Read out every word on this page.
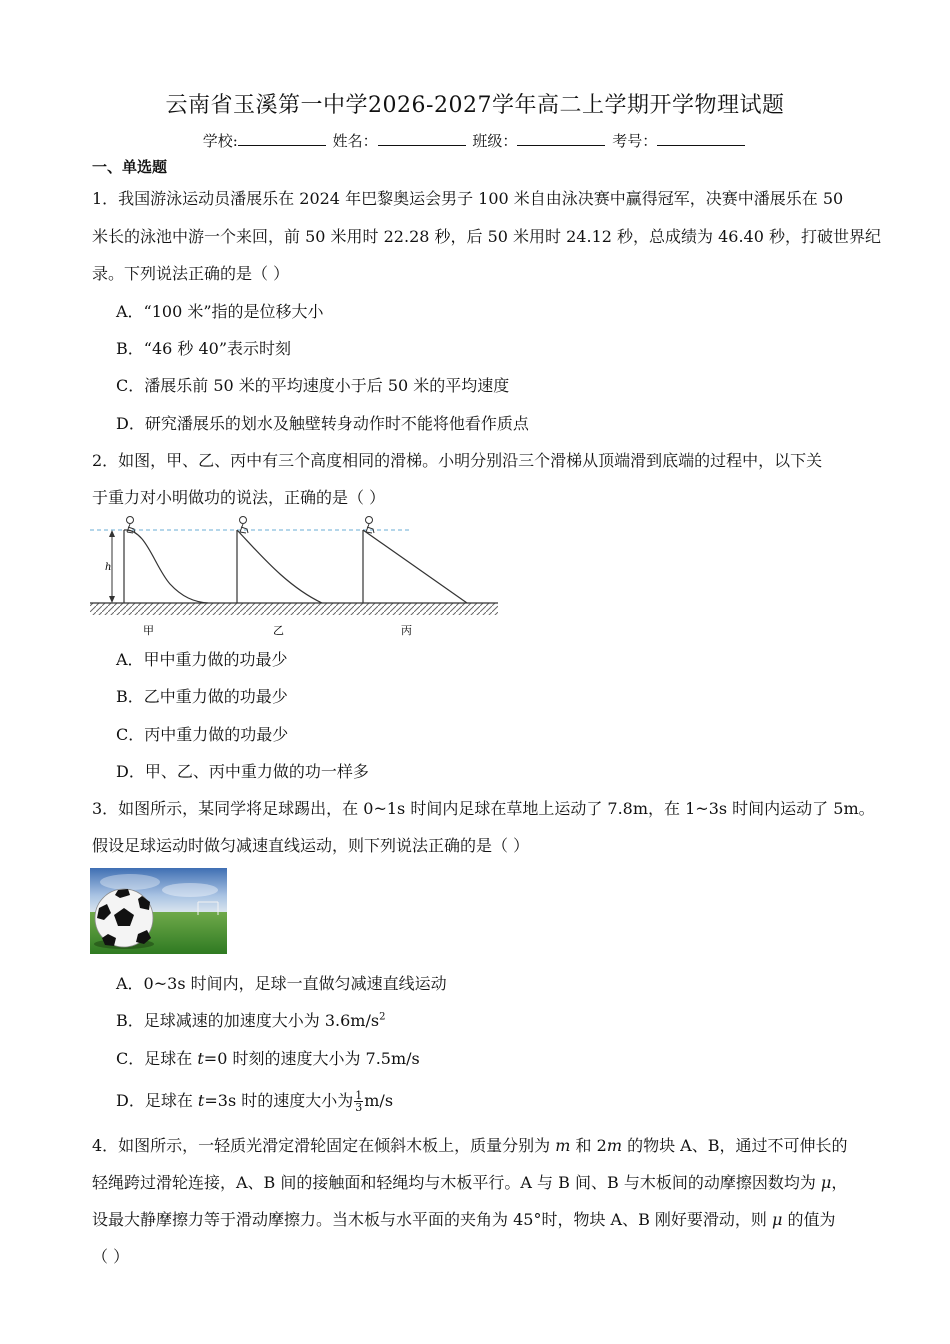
云南省玉溪第一中学2026-2027学年高二上学期开学物理试题
学校:	姓名：	班级：	考号：
一、单选题
1．我国游泳运动员潘展乐在 2024 年巴黎奥运会男子 100 米自由泳决赛中赢得冠军，决赛中潘展乐在 50
米长的泳池中游一个来回，前 50 米用时 22.28 秒，后 50 米用时 24.12 秒，总成绩为 46.40 秒，打破世界纪
录。下列说法正确的是（ ）
A．“100 米”指的是位移大小
B．“46 秒 40”表示时刻
C．潘展乐前 50 米的平均速度小于后 50 米的平均速度
D．研究潘展乐的划水及触壁转身动作时不能将他看作质点
2．如图，甲、乙、丙中有三个高度相同的滑梯。小明分别沿三个滑梯从顶端滑到底端的过程中，以下关
于重力对小明做功的说法，正确的是（ ）
h
甲	乙	丙
A．甲中重力做的功最少
B．乙中重力做的功最少
C．丙中重力做的功最少
D．甲、乙、丙中重力做的功一样多
3．如图所示，某同学将足球踢出，在 0~1s 时间内足球在草地上运动了 7.8m，在 1~3s 时间内运动了 5m。
假设足球运动时做匀减速直线运动，则下列说法正确的是（ ）
A．0~3s 时间内，足球一直做匀减速直线运动
B．足球减速的加速度大小为 $3.6m/s^2$
C．足球在 t=0 时刻的速度大小为 7.5m/s
D．足球在 t=3s 时的速度大小为 $\frac{1}{3} m/s$
4．如图所示，一轻质光滑定滑轮固定在倾斜木板上，质量分别为 m 和 2m 的物块 A、B，通过不可伸长的
轻绳跨过滑轮连接，A、B 间的接触面和轻绳均与木板平行。A 与 B 间、B 与木板间的动摩擦因数均为 μ，
设最大静摩擦力等于滑动摩擦力。当木板与水平面的夹角为 45°时，物块 A、B 刚好要滑动，则 μ 的值为
（ ）
